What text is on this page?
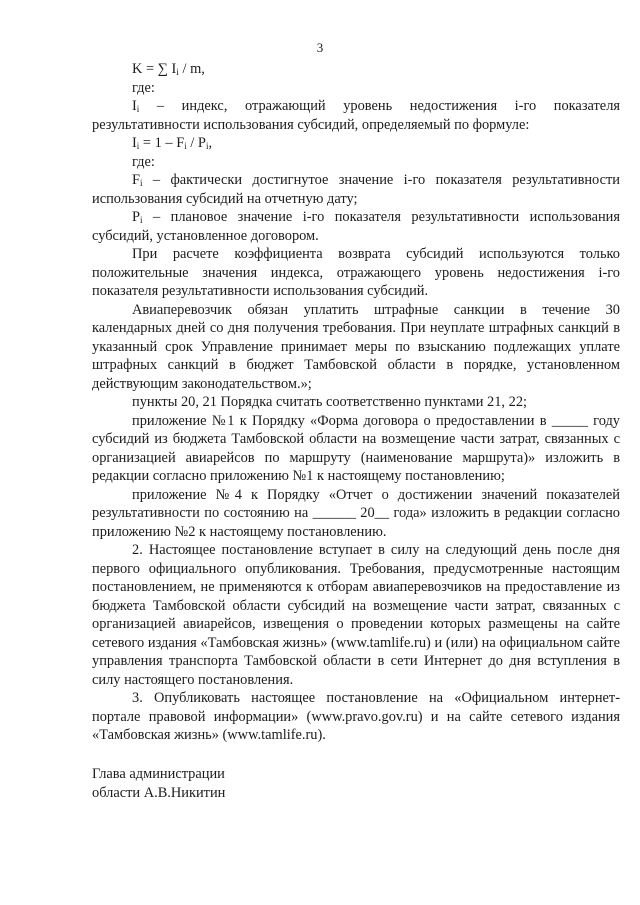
3

K = ∑ $I_i$ / m,

где:

$I_i$ – индекс, отражающий уровень недостижения i-го показателя результативности использования субсидий, определяемый по формуле:

$I_i = 1 - F_i / P_i$,

где:

$F_i$ – фактически достигнутое значение i-го показателя результативности использования субсидий на отчетную дату;

$P_i$ – плановое значение i-го показателя результативности использования субсидий, установленное договором.

При расчете коэффициента возврата субсидий используются только положительные значения индекса, отражающего уровень недостижения i-го показателя результативности использования субсидий.

Авиаперевозчик обязан уплатить штрафные санкции в течение 30 календарных дней со дня получения требования. При неуплате штрафных санкций в указанный срок Управление принимает меры по взысканию подлежащих уплате штрафных санкций в бюджет Тамбовской области в порядке, установленном действующим законодательством.»;

пункты 20, 21 Порядка считать соответственно пунктами 21, 22;

приложение №1 к Порядку «Форма договора о предоставлении в _____ году субсидий из бюджета Тамбовской области на возмещение части затрат, связанных с организацией авиарейсов по маршруту (наименование маршрута)» изложить в редакции согласно приложению №1 к настоящему постановлению;

приложение №4 к Порядку «Отчет о достижении значений показателей результативности по состоянию на ______ 20__ года» изложить в редакции согласно приложению №2 к настоящему постановлению.

2. Настоящее постановление вступает в силу на следующий день после дня первого официального опубликования. Требования, предусмотренные настоящим постановлением, не применяются к отборам авиаперевозчиков на предоставление из бюджета Тамбовской области субсидий на возмещение части затрат, связанных с организацией авиарейсов, извещения о проведении которых размещены на сайте сетевого издания «Тамбовская жизнь» (www.tamlife.ru) и (или) на официальном сайте управления транспорта Тамбовской области в сети Интернет до дня вступления в силу настоящего постановления.

3. Опубликовать настоящее постановление на «Официальном интернет-портале правовой информации» (www.pravo.gov.ru) и на сайте сетевого издания «Тамбовская жизнь» (www.tamlife.ru).

Глава администрации
области А.В.Никитин
